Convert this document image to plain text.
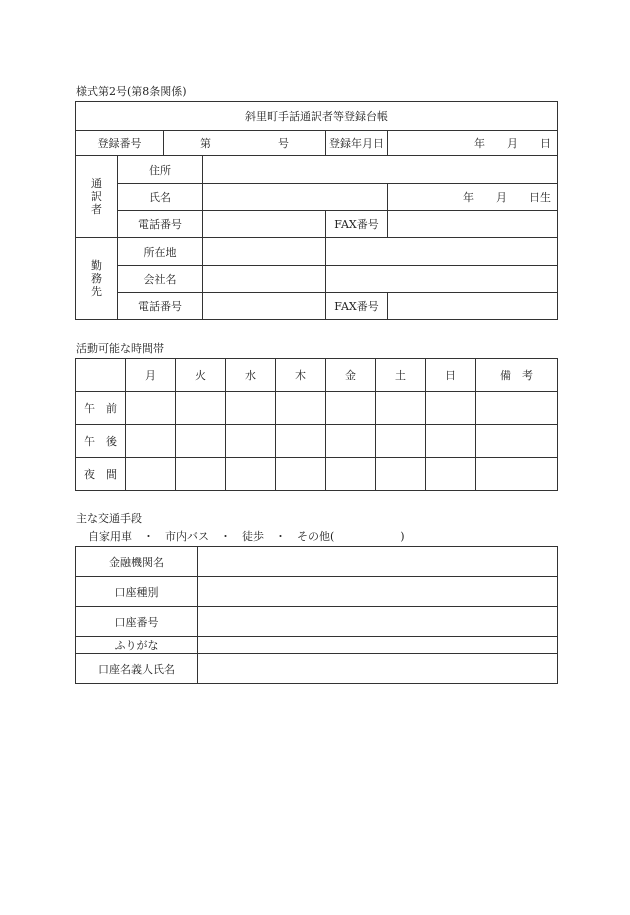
様式第2号(第8条関係)
斜里町手話通訳者等登録台帳					
登録番号		第 号		登録年月日	年　　月　　日

通
訳
者	住所				
	氏名				年　　月　　日生
	電話番号			FAX番号	

勤
務
先	所在地				
	会社名				
	電話番号			FAX番号	
活動可能な時間帯
	月	火	水	木	金	土	日	備　考
午　前								
午　後								
夜　間								
主な交通手段
自家用車　・　市内バス　・　徒歩　・　その他(　　　　　　)
金融機関名	
口座種別	
口座番号	
ふりがな	
口座名義人氏名	
